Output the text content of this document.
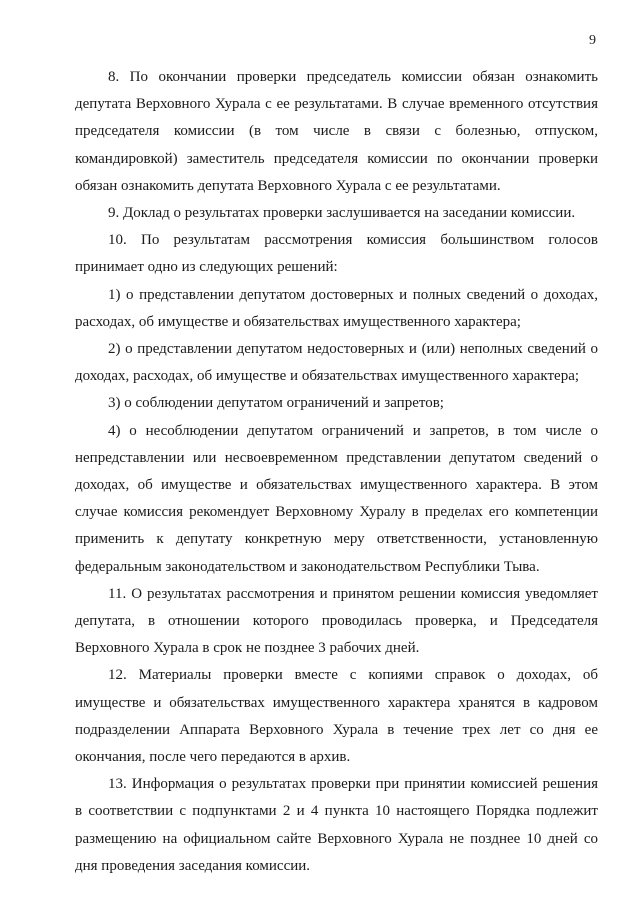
9

8. По окончании проверки председатель комиссии обязан ознакомить депутата Верховного Хурала с ее результатами. В случае временного отсутствия председателя комиссии (в том числе в связи с болезнью, отпуском, командировкой) заместитель председателя комиссии по окончании проверки обязан ознакомить депутата Верховного Хурала с ее результатами.

9. Доклад о результатах проверки заслушивается на заседании комиссии.

10. По результатам рассмотрения комиссия большинством голосов принимает одно из следующих решений:

1) о представлении депутатом достоверных и полных сведений о доходах, расходах, об имуществе и обязательствах имущественного характера;

2) о представлении депутатом недостоверных и (или) неполных сведений о доходах, расходах, об имуществе и обязательствах имущественного характера;

3) о соблюдении депутатом ограничений и запретов;

4) о несоблюдении депутатом ограничений и запретов, в том числе о непредставлении или несвоевременном представлении депутатом сведений о доходах, об имуществе и обязательствах имущественного характера. В этом случае комиссия рекомендует Верховному Хуралу в пределах его компетенции применить к депутату конкретную меру ответственности, установленную федеральным законодательством и законодательством Республики Тыва.

11. О результатах рассмотрения и принятом решении комиссия уведомляет депутата, в отношении которого проводилась проверка, и Председателя Верховного Хурала в срок не позднее 3 рабочих дней.

12. Материалы проверки вместе с копиями справок о доходах, об имуществе и обязательствах имущественного характера хранятся в кадровом подразделении Аппарата Верховного Хурала в течение трех лет со дня ее окончания, после чего передаются в архив.

13. Информация о результатах проверки при принятии комиссией решения в соответствии с подпунктами 2 и 4 пункта 10 настоящего Порядка подлежит размещению на официальном сайте Верховного Хурала не позднее 10 дней со дня проведения заседания комиссии.
